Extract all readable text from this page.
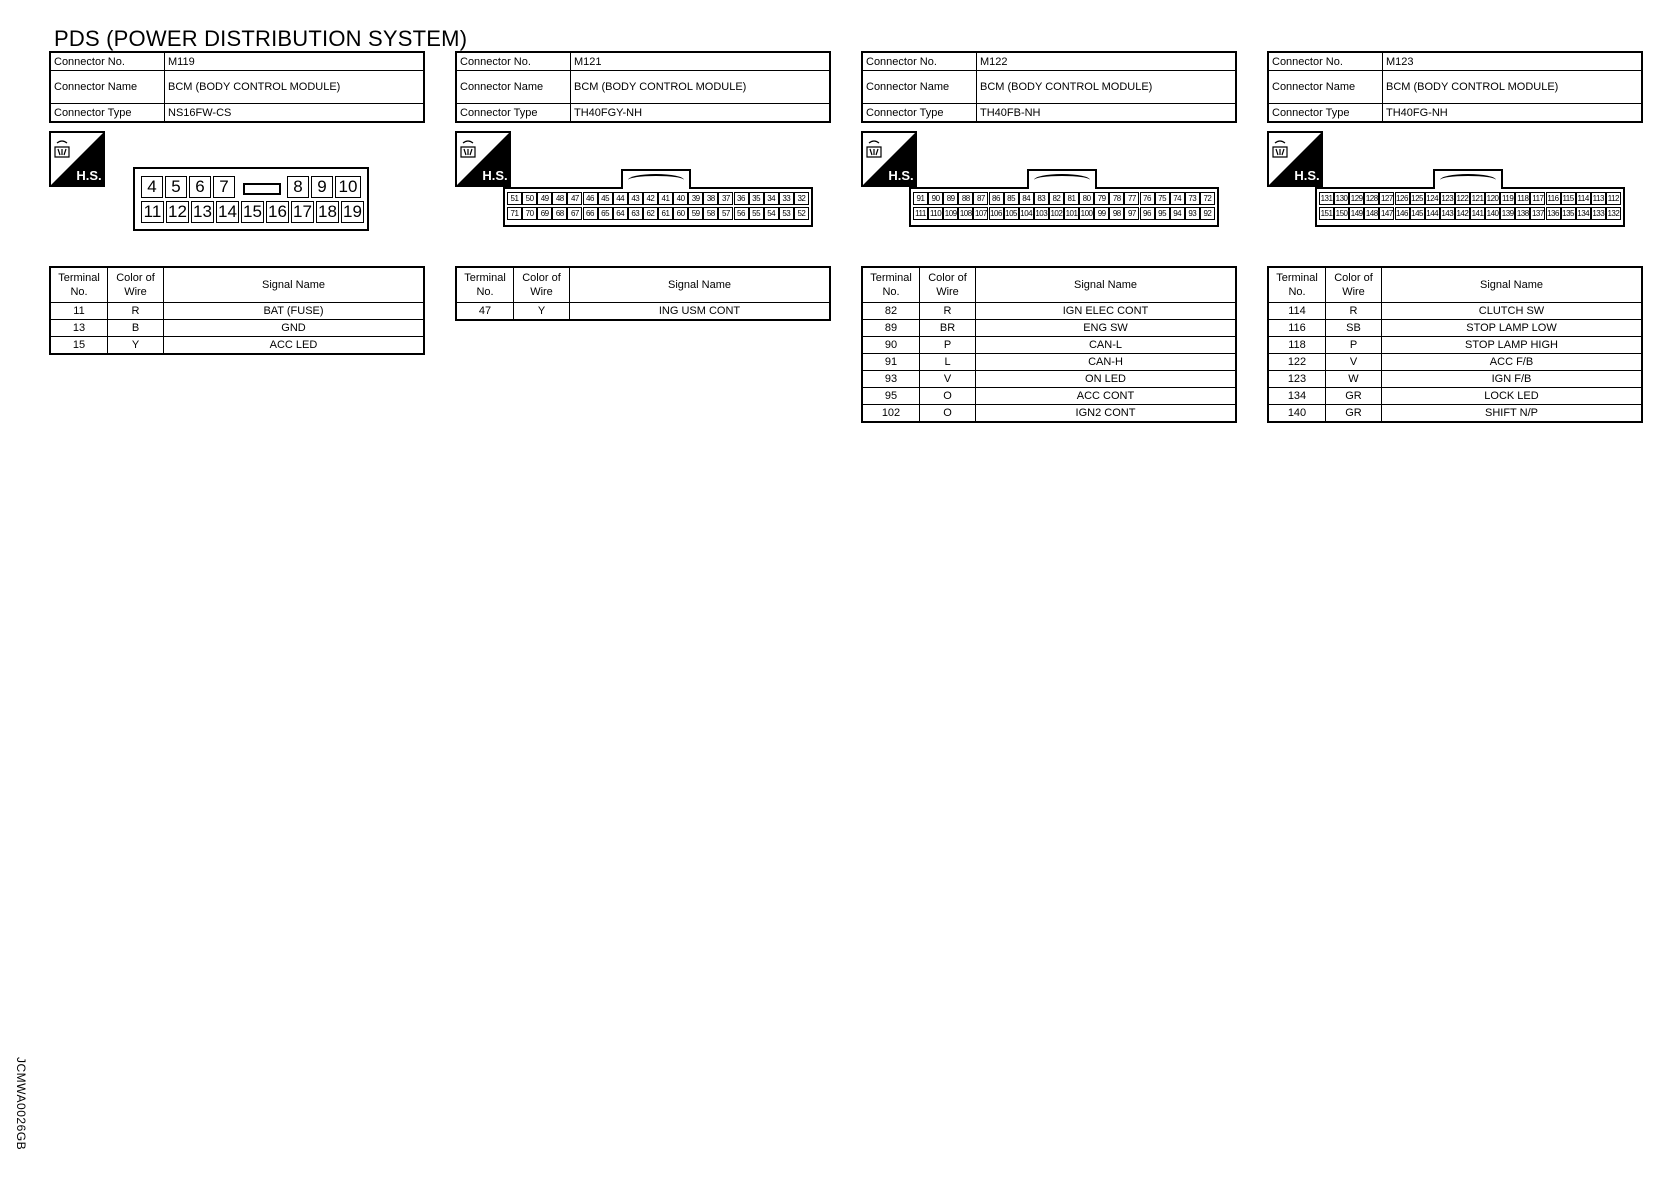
PDS (POWER DISTRIBUTION SYSTEM)
Connector No.	M119
Connector Name	BCM (BODY CONTROL MODULE)
Connector Type	NS16FW-CS
H.S.
4 5 6 7	8 9 10
11 12 13 14 15 16 17 18 19
Terminal No.	Color of Wire	Signal Name
11	R	BAT (FUSE)
13	B	GND
15	Y	ACC LED
Connector No.	M121
Connector Name	BCM (BODY CONTROL MODULE)
Connector Type	TH40FGY-NH
H.S.
51 50 49 48 47 46 45 44 43 42 41 40 39 38 37 36 35 34 33 32
71 70 69 68 67 66 65 64 63 62 61 60 59 58 57 56 55 54 53 52
Terminal No.	Color of Wire	Signal Name
47	Y	ING USM CONT
Connector No.	M122
Connector Name	BCM (BODY CONTROL MODULE)
Connector Type	TH40FB-NH
H.S.
91 90 89 88 87 86 85 84 83 82 81 80 79 78 77 76 75 74 73 72
111 110 109 108 107 106 105 104 103 102 101 100 99 98 97 96 95 94 93 92
Terminal No.	Color of Wire	Signal Name
82	R	IGN ELEC CONT
89	BR	ENG SW
90	P	CAN-L
91	L	CAN-H
93	V	ON LED
95	O	ACC CONT
102	O	IGN2 CONT
Connector No.	M123
Connector Name	BCM (BODY CONTROL MODULE)
Connector Type	TH40FG-NH
H.S.
131 130 129 128 127 126 125 124 123 122 121 120 119 118 117 116 115 114 113 112
151 150 149 148 147 146 145 144 143 142 141 140 139 138 137 136 135 134 133 132
Terminal No.	Color of Wire	Signal Name
114	R	CLUTCH SW
116	SB	STOP LAMP LOW
118	P	STOP LAMP HIGH
122	V	ACC F/B
123	W	IGN F/B
134	GR	LOCK LED
140	GR	SHIFT N/P
JCMWA0026GB
